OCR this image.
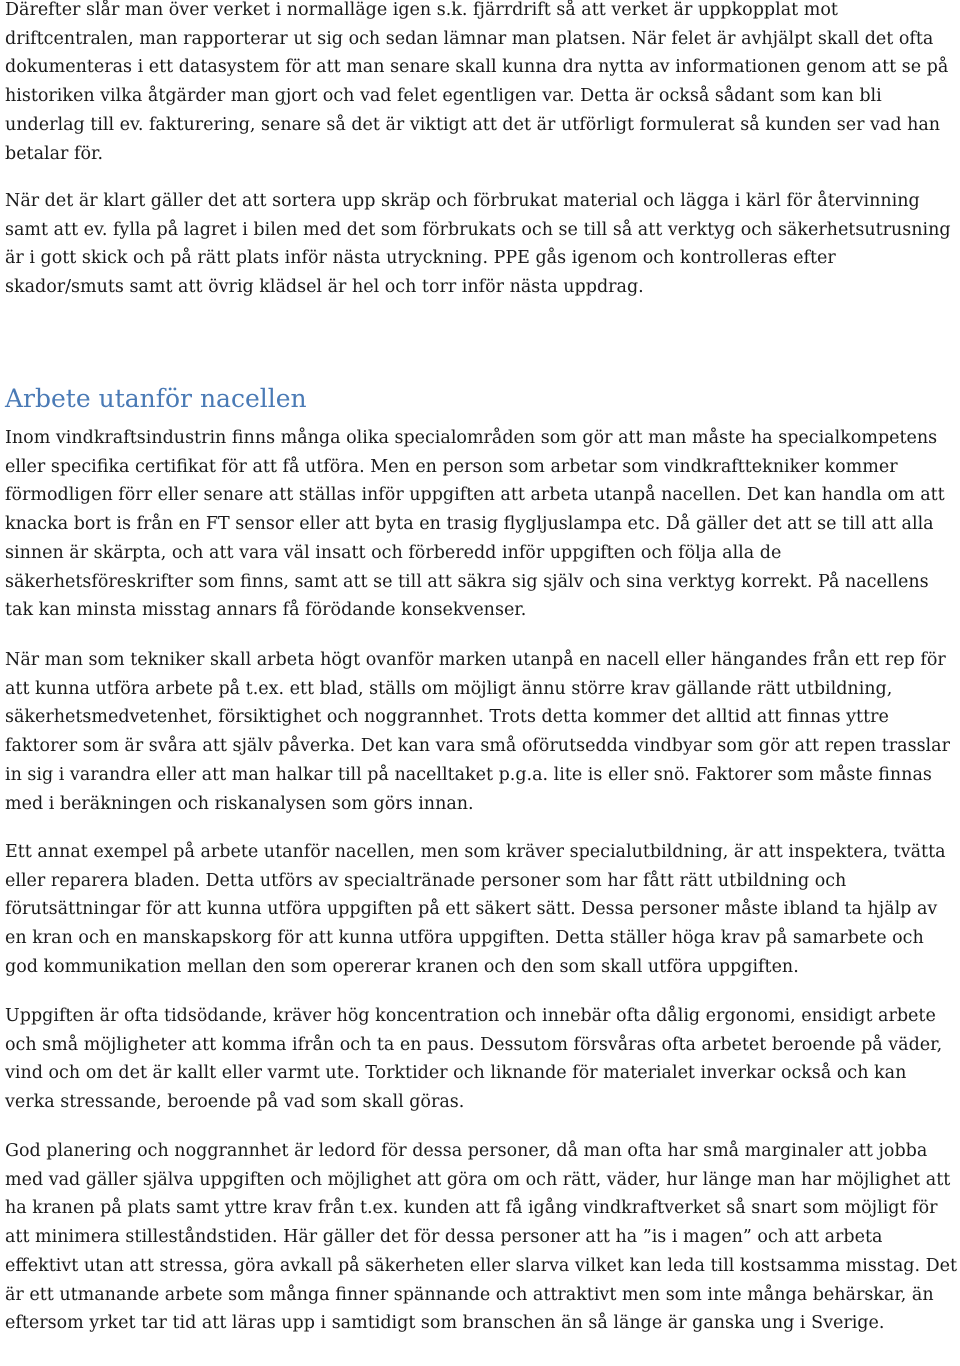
Därefter slår man över verket i normalläge igen s.k. fjärrdrift så att verket är uppkopplat mot driftcentralen, man rapporterar ut sig och sedan lämnar man platsen. När felet är avhjälpt skall det ofta dokumenteras i ett datasystem för att man senare skall kunna dra nytta av informationen genom att se på historiken vilka åtgärder man gjort och vad felet egentligen var. Detta är också sådant som kan bli underlag till ev. fakturering, senare så det är viktigt att det är utförligt formulerat så kunden ser vad han betalar för.

När det är klart gäller det att sortera upp skräp och förbrukat material och lägga i kärl för återvinning samt att ev. fylla på lagret i bilen med det som förbrukats och se till så att verktyg och säkerhetsutrusning är i gott skick och på rätt plats inför nästa utryckning. PPE gås igenom och kontrolleras efter skador/smuts samt att övrig klädsel är hel och torr inför nästa uppdrag.

Arbete utanför nacellen

Inom vindkraftsindustrin finns många olika specialområden som gör att man måste ha specialkompetens eller specifika certifikat för att få utföra. Men en person som arbetar som vindkrafttekniker kommer förmodligen förr eller senare att ställas inför uppgiften att arbeta utanpå nacellen. Det kan handla om att knacka bort is från en FT sensor eller att byta en trasig flygljuslampa etc. Då gäller det att se till att alla sinnen är skärpta, och att vara väl insatt och förberedd inför uppgiften och följa alla de säkerhetsföreskrifter som finns, samt att se till att säkra sig själv och sina verktyg korrekt. På nacellens tak kan minsta misstag annars få förödande konsekvenser.

När man som tekniker skall arbeta högt ovanför marken utanpå en nacell eller hängandes från ett rep för att kunna utföra arbete på t.ex. ett blad, ställs om möjligt ännu större krav gällande rätt utbildning, säkerhetsmedvetenhet, försiktighet och noggrannhet. Trots detta kommer det alltid att finnas yttre faktorer som är svåra att själv påverka. Det kan vara små oförutsedda vindbyar som gör att repen trasslar in sig i varandra eller att man halkar till på nacelltaket p.g.a. lite is eller snö. Faktorer som måste finnas med i beräkningen och riskanalysen som görs innan.

Ett annat exempel på arbete utanför nacellen, men som kräver specialutbildning, är att inspektera, tvätta eller reparera bladen. Detta utförs av specialtränade personer som har fått rätt utbildning och förutsättningar för att kunna utföra uppgiften på ett säkert sätt. Dessa personer måste ibland ta hjälp av en kran och en manskapskorg för att kunna utföra uppgiften. Detta ställer höga krav på samarbete och god kommunikation mellan den som opererar kranen och den som skall utföra uppgiften.

Uppgiften är ofta tidsödande, kräver hög koncentration och innebär ofta dålig ergonomi, ensidigt arbete och små möjligheter att komma ifrån och ta en paus. Dessutom försvåras ofta arbetet beroende på väder, vind och om det är kallt eller varmt ute. Torktider och liknande för materialet inverkar också och kan verka stressande, beroende på vad som skall göras.

God planering och noggrannhet är ledord för dessa personer, då man ofta har små marginaler att jobba med vad gäller själva uppgiften och möjlighet att göra om och rätt, väder, hur länge man har möjlighet att ha kranen på plats samt yttre krav från t.ex. kunden att få igång vindkraftverket så snart som möjligt för att minimera stilleståndstiden. Här gäller det för dessa personer att ha ”is i magen” och att arbeta effektivt utan att stressa, göra avkall på säkerheten eller slarva vilket kan leda till kostsamma misstag. Det är ett utmanande arbete som många finner spännande och attraktivt men som inte många behärskar, än eftersom yrket tar tid att läras upp i samtidigt som branschen än så länge är ganska ung i Sverige.
